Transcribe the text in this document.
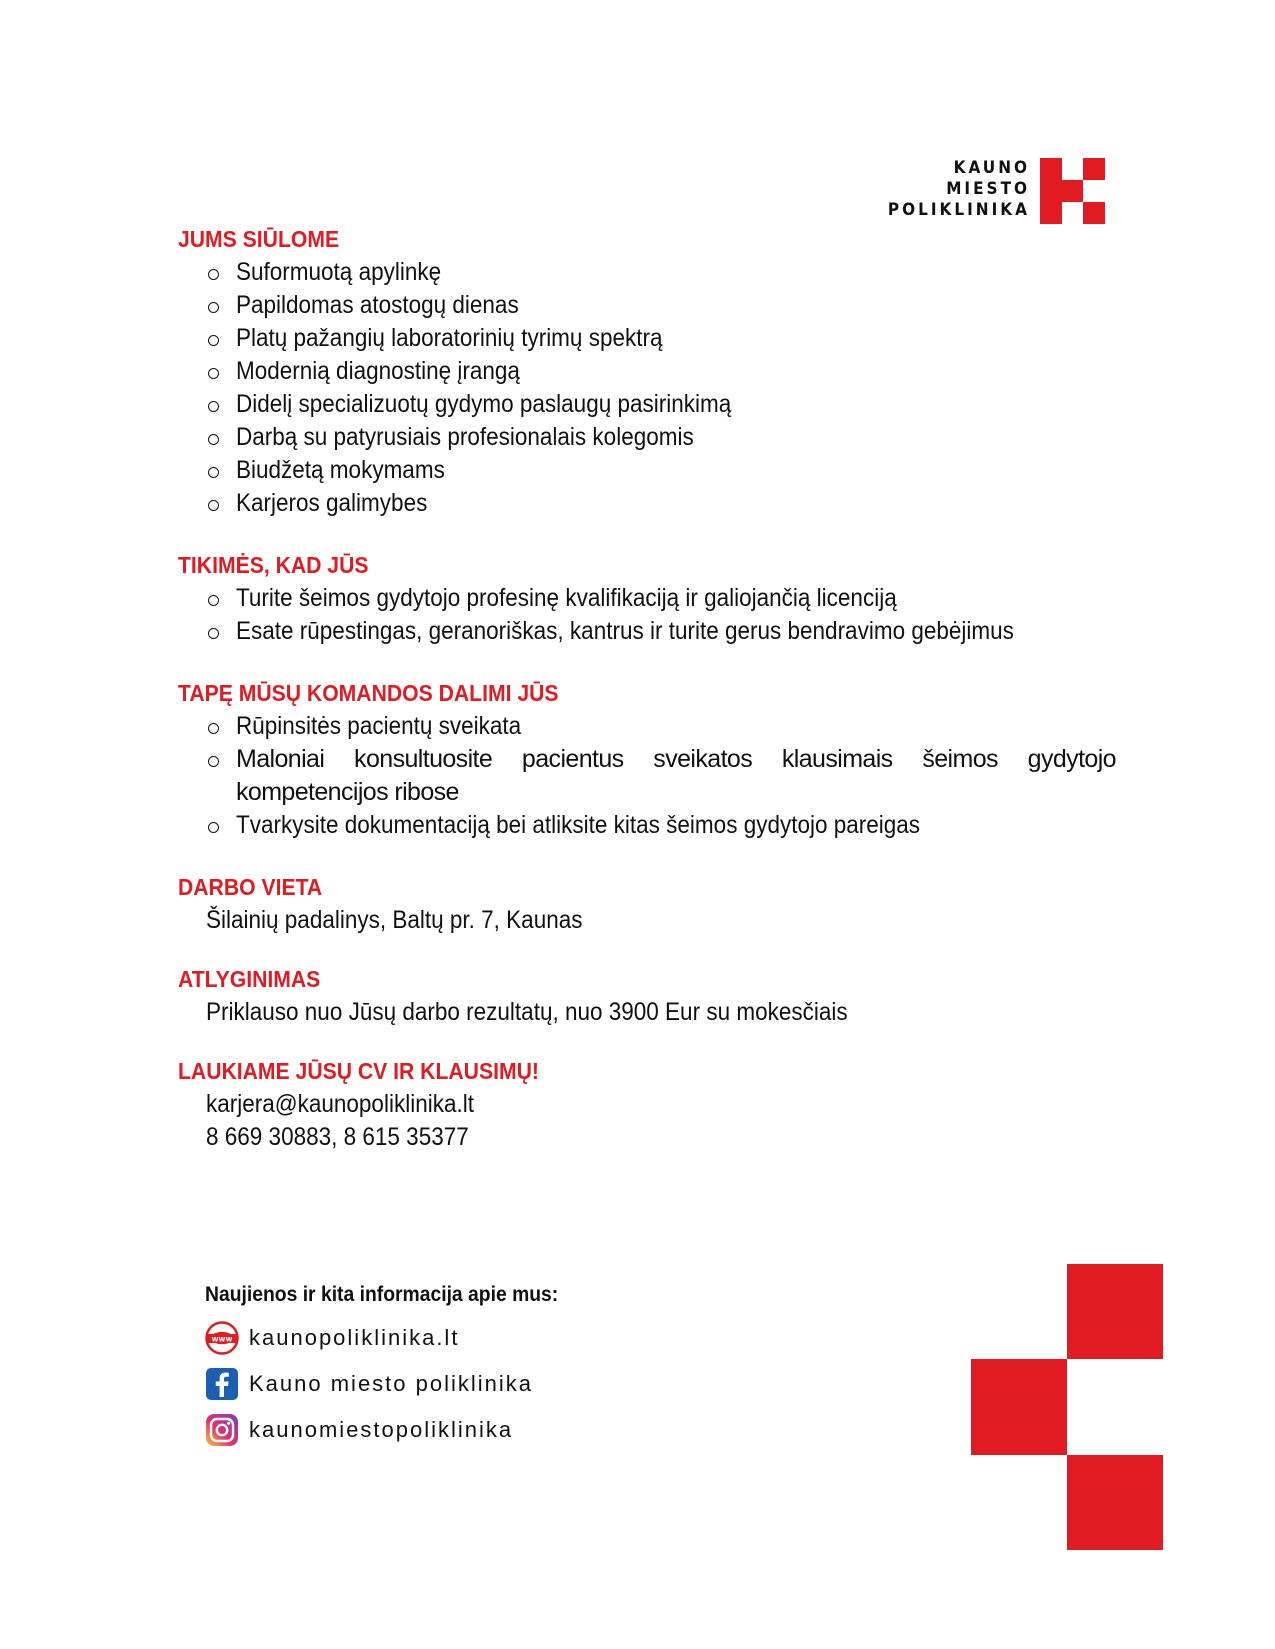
KAUNO
MIESTO
POLIKLINIKA
JUMS SIŪLOME
Suformuotą apylinkę
Papildomas atostogų dienas
Platų pažangių laboratorinių tyrimų spektrą
Modernią diagnostinę įrangą
Didelį specializuotų gydymo paslaugų pasirinkimą
Darbą su patyrusiais profesionalais kolegomis
Biudžetą mokymams
Karjeros galimybes
TIKIMĖS, KAD JŪS
Turite šeimos gydytojo profesinę kvalifikaciją ir galiojančią licenciją
Esate rūpestingas, geranoriškas, kantrus ir turite gerus bendravimo gebėjimus
TAPĘ MŪSŲ KOMANDOS DALIMI JŪS
Rūpinsitės pacientų sveikata
Maloniai konsultuosite pacientus sveikatos klausimais šeimos gydytojo kompetencijos ribose
Tvarkysite dokumentaciją bei atliksite kitas šeimos gydytojo pareigas
DARBO VIETA
Šilainių padalinys, Baltų pr. 7, Kaunas
ATLYGINIMAS
Priklauso nuo Jūsų darbo rezultatų, nuo 3900 Eur su mokesčiais
LAUKIAME JŪSŲ CV IR KLAUSIMŲ!
karjera@kaunopoliklinika.lt
8 669 30883, 8 615 35377
Naujienos ir kita informacija apie mus:
www kaunopoliklinika.lt
Kauno miesto poliklinika
kaunomiestopoliklinika
